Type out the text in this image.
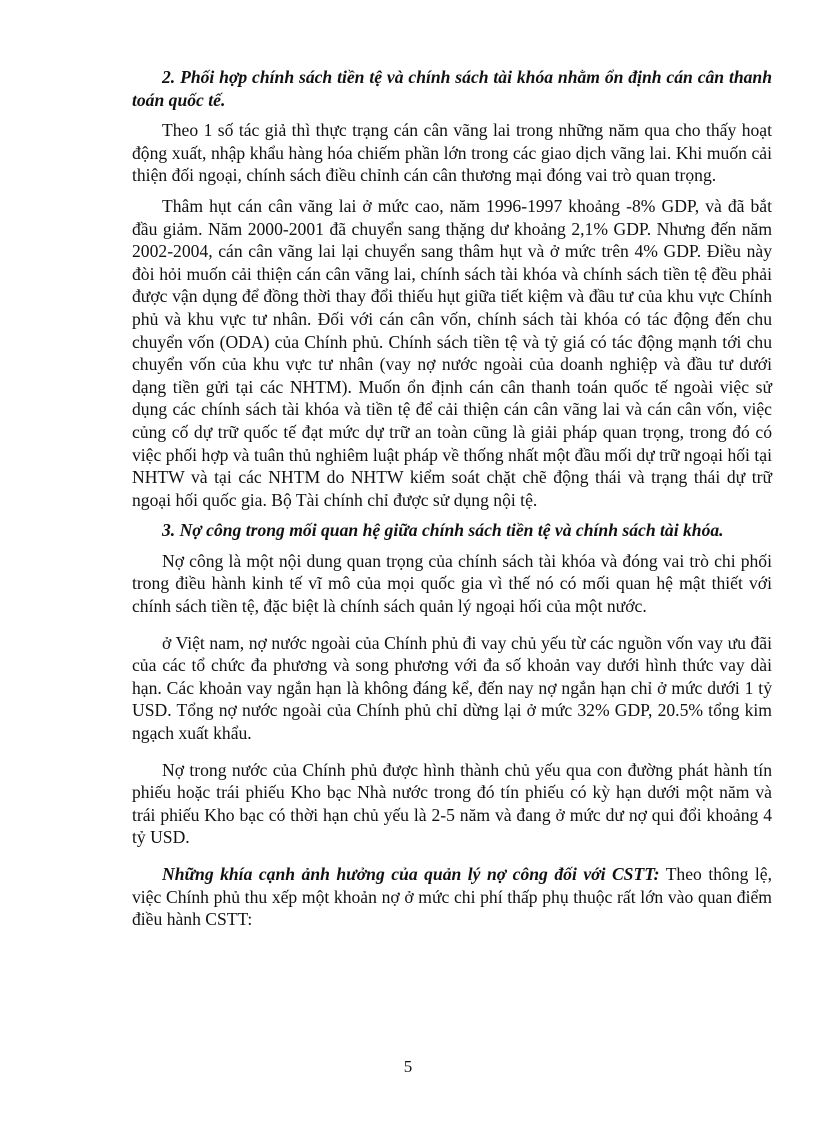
2. Phối hợp chính sách tiền tệ và chính sách tài khóa nhằm ổn định cán cân thanh toán quốc tế.

Theo 1 số tác giả thì thực trạng cán cân vãng lai trong những năm qua cho thấy hoạt động xuất, nhập khẩu hàng hóa chiếm phần lớn trong các giao dịch vãng lai. Khi muốn cải thiện đối ngoại, chính sách điều chỉnh cán cân thương mại đóng vai trò quan trọng.

Thâm hụt cán cân vãng lai ở mức cao, năm 1996-1997 khoảng -8% GDP, và đã bắt đầu giảm. Năm 2000-2001 đã chuyển sang thặng dư khoảng 2,1% GDP. Nhưng đến năm 2002-2004, cán cân vãng lai lại chuyển sang thâm hụt và ở mức trên 4% GDP. Điều này đòi hỏi muốn cải thiện cán cân vãng lai, chính sách tài khóa và chính sách tiền tệ đều phải được vận dụng để đồng thời thay đổi thiếu hụt giữa tiết kiệm và đầu tư của khu vực Chính phủ và khu vực tư nhân. Đối với cán cân vốn, chính sách tài khóa có tác động đến chu chuyển vốn (ODA) của Chính phủ. Chính sách tiền tệ và tỷ giá có tác động mạnh tới chu chuyển vốn của khu vực tư nhân (vay nợ nước ngoài của doanh nghiệp và đầu tư dưới dạng tiền gửi tại các NHTM). Muốn ổn định cán cân thanh toán quốc tế ngoài việc sử dụng các chính sách tài khóa và tiền tệ để cải thiện cán cân vãng lai và cán cân vốn, việc củng cố dự trữ quốc tế đạt mức dự trữ an toàn cũng là giải pháp quan trọng, trong đó có việc phối hợp và tuân thủ nghiêm luật pháp về thống nhất một đầu mối dự trữ ngoại hối tại NHTW và tại các NHTM do NHTW kiểm soát chặt chẽ động thái và trạng thái dự trữ ngoại hối quốc gia. Bộ Tài chính chỉ được sử dụng nội tệ.

3. Nợ công trong mối quan hệ giữa chính sách tiền tệ và chính sách tài khóa.

Nợ công là một nội dung quan trọng của chính sách tài khóa và đóng vai trò chi phối trong điều hành kinh tế vĩ mô của mọi quốc gia vì thế nó có mối quan hệ mật thiết với chính sách tiền tệ, đặc biệt là chính sách quản lý ngoại hối của một nước.

ở Việt nam, nợ nước ngoài của Chính phủ đi vay chủ yếu từ các nguồn vốn vay ưu đãi của các tổ chức đa phương và song phương với đa số khoản vay dưới hình thức vay dài hạn. Các khoản vay ngắn hạn là không đáng kể, đến nay nợ ngắn hạn chỉ ở mức dưới 1 tỷ USD. Tổng nợ nước ngoài của Chính phủ chỉ dừng lại ở mức 32% GDP, 20.5% tổng kim ngạch xuất khẩu.

Nợ trong nước của Chính phủ được hình thành chủ yếu qua con đường phát hành tín phiếu hoặc trái phiếu Kho bạc Nhà nước trong đó tín phiếu có kỳ hạn dưới một năm và trái phiếu Kho bạc có thời hạn chủ yếu là 2-5 năm và đang ở mức dư nợ qui đổi khoảng 4 tỷ USD.

Những khía cạnh ảnh hưởng của quản lý nợ công đối với CSTT: Theo thông lệ, việc Chính phủ thu xếp một khoản nợ ở mức chi phí thấp phụ thuộc rất lớn vào quan điểm điều hành CSTT:

5
